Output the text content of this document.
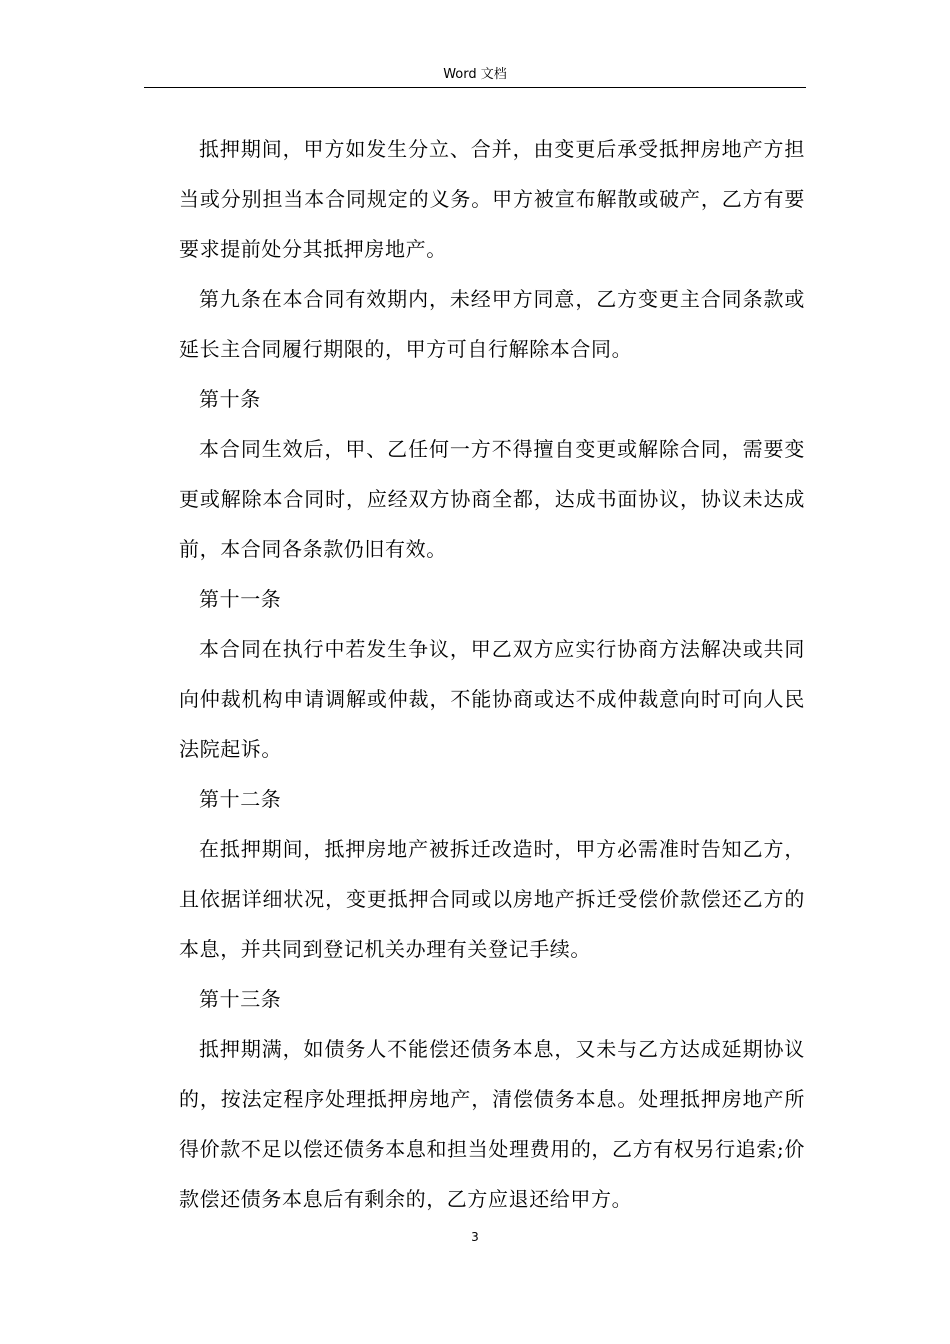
Word 文档

抵押期间，甲方如发生分立、合并，由变更后承受抵押房地产方担当或分别担当本合同规定的义务。甲方被宣布解散或破产，乙方有要要求提前处分其抵押房地产。

第九条在本合同有效期内，未经甲方同意，乙方变更主合同条款或延长主合同履行期限的，甲方可自行解除本合同。

第十条

本合同生效后，甲、乙任何一方不得擅自变更或解除合同，需要变更或解除本合同时，应经双方协商全都，达成书面协议，协议未达成前，本合同各条款仍旧有效。

第十一条

本合同在执行中若发生争议，甲乙双方应实行协商方法解决或共同向仲裁机构申请调解或仲裁，不能协商或达不成仲裁意向时可向人民法院起诉。

第十二条

在抵押期间，抵押房地产被拆迁改造时，甲方必需准时告知乙方，且依据详细状况，变更抵押合同或以房地产拆迁受偿价款偿还乙方的本息，并共同到登记机关办理有关登记手续。

第十三条

抵押期满，如债务人不能偿还债务本息，又未与乙方达成延期协议的，按法定程序处理抵押房地产，清偿债务本息。处理抵押房地产所得价款不足以偿还债务本息和担当处理费用的，乙方有权另行追索;价款偿还债务本息后有剩余的，乙方应退还给甲方。

3
